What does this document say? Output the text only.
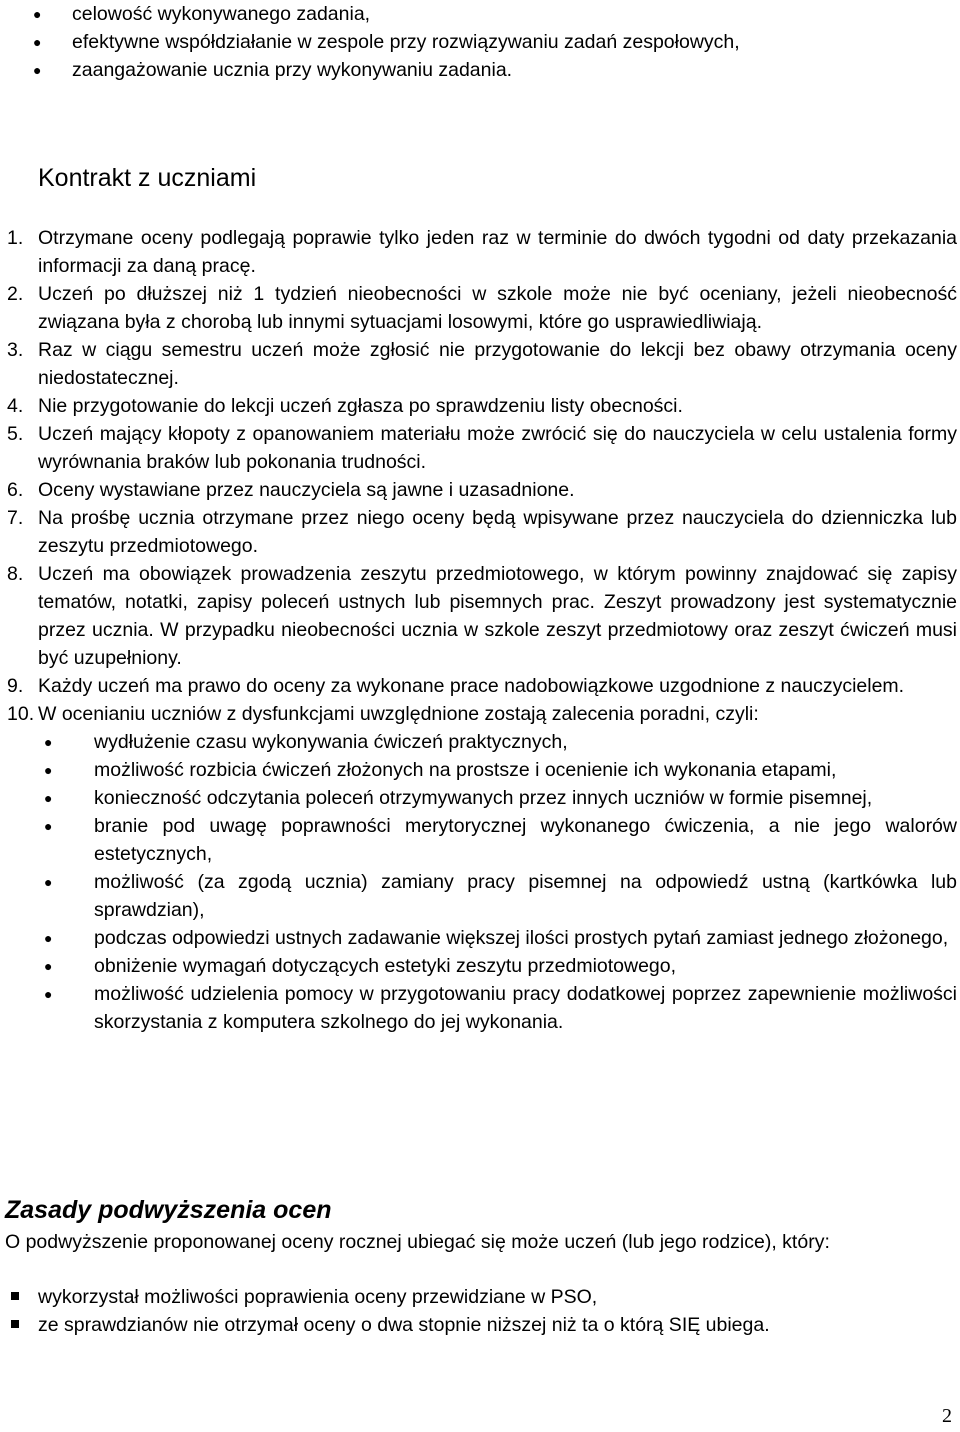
● celowość wykonywanego zadania,
● efektywne współdziałanie w zespole przy rozwiązywaniu zadań zespołowych,
● zaangażowanie ucznia przy wykonywaniu zadania.
Kontrakt z uczniami
1. Otrzymane oceny podlegają poprawie tylko jeden raz w terminie do dwóch tygodni od daty przekazania informacji za daną pracę.
2. Uczeń po dłuższej niż 1 tydzień nieobecności w szkole może nie być oceniany, jeżeli nieobecność związana była z chorobą lub innymi sytuacjami losowymi, które go usprawiedliwiają.
3. Raz w ciągu semestru uczeń może zgłosić nie przygotowanie do lekcji bez obawy otrzymania oceny niedostatecznej.
4. Nie przygotowanie do lekcji uczeń zgłasza po sprawdzeniu listy obecności.
5. Uczeń mający kłopoty z opanowaniem materiału może zwrócić się do nauczyciela w celu ustalenia formy wyrównania braków lub pokonania trudności.
6. Oceny wystawiane przez nauczyciela są jawne i uzasadnione.
7. Na prośbę ucznia otrzymane przez niego oceny będą wpisywane przez nauczyciela do dzienniczka lub zeszytu przedmiotowego.
8. Uczeń ma obowiązek prowadzenia zeszytu przedmiotowego, w którym powinny znajdować się zapisy tematów, notatki, zapisy poleceń ustnych lub pisemnych prac. Zeszyt prowadzony jest systematycznie przez ucznia. W przypadku nieobecności ucznia w szkole zeszyt przedmiotowy oraz zeszyt ćwiczeń musi być uzupełniony.
9. Każdy uczeń ma prawo do oceny za wykonane prace nadobowiązkowe uzgodnione z nauczycielem.
10. W ocenianiu uczniów z dysfunkcjami uwzględnione zostają zalecenia poradni, czyli:
● wydłużenie czasu wykonywania ćwiczeń praktycznych,
● możliwość rozbicia ćwiczeń złożonych na prostsze i ocenienie ich wykonania etapami,
● konieczność odczytania poleceń otrzymywanych przez innych uczniów w formie pisemnej,
● branie pod uwagę poprawności merytorycznej wykonanego ćwiczenia, a nie jego walorów estetycznych,
● możliwość (za zgodą ucznia) zamiany pracy pisemnej na odpowiedź ustną (kartkówka lub sprawdzian),
● podczas odpowiedzi ustnych zadawanie większej ilości prostych pytań zamiast jednego złożonego,
● obniżenie wymagań dotyczących estetyki zeszytu przedmiotowego,
● możliwość udzielenia pomocy w przygotowaniu pracy dodatkowej poprzez zapewnienie możliwości skorzystania z komputera szkolnego do jej wykonania.
Zasady podwyższenia ocen

O podwyższenie proponowanej oceny rocznej ubiegać się może uczeń (lub jego rodzice), który:

wykorzystał możliwości poprawienia oceny przewidziane w PSO,
ze sprawdzianów nie otrzymał oceny o dwa stopnie niższej niż ta o którą SIĘ ubiega.
2
